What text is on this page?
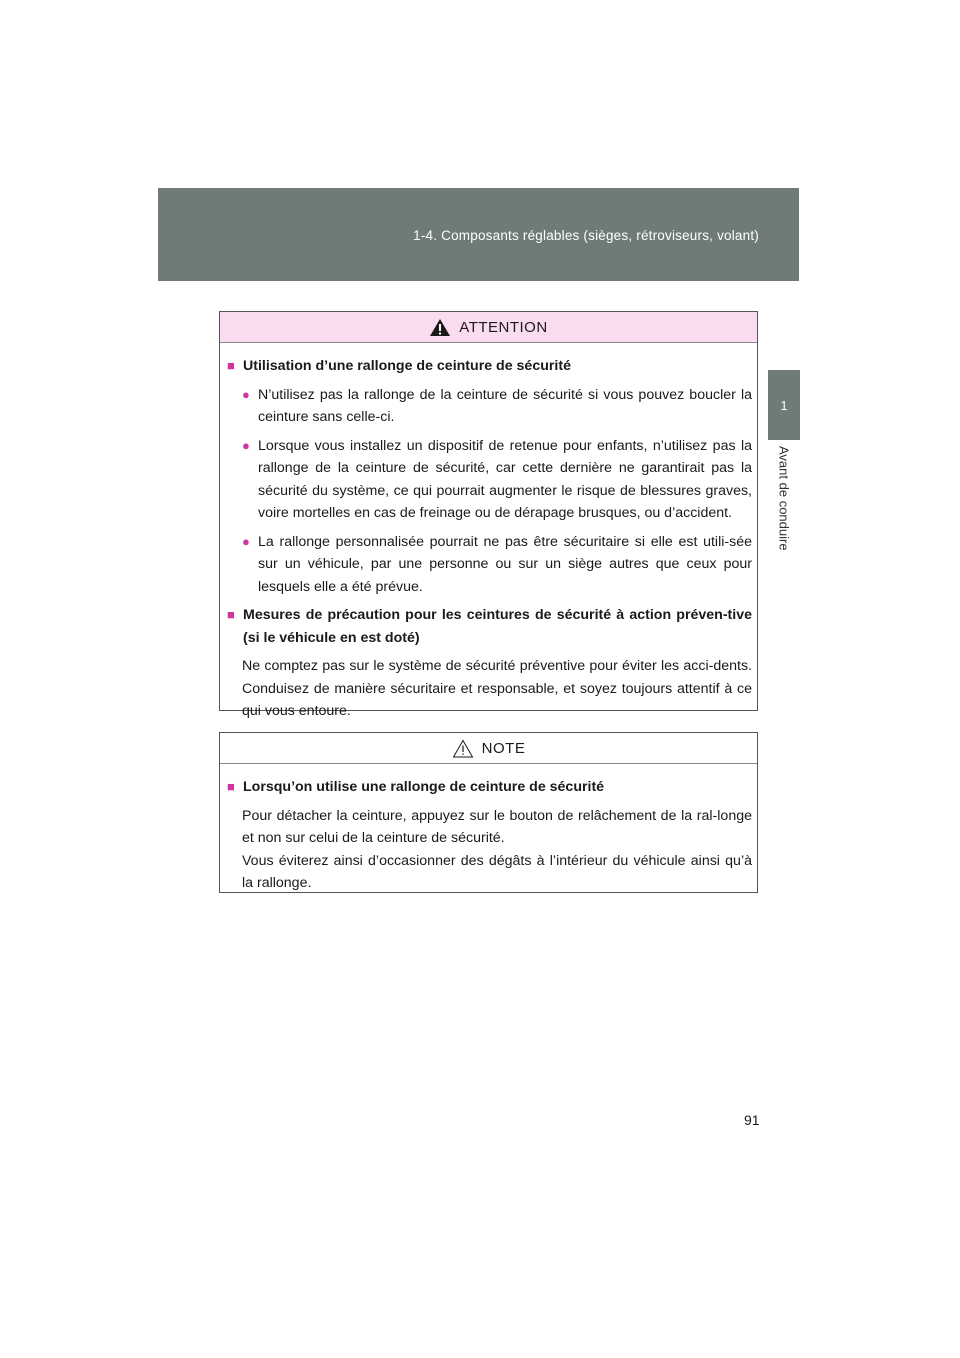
1-4. Composants réglables (sièges, rétroviseurs, volant)
1
Avant de conduire
ATTENTION
■ Utilisation d’une rallonge de ceinture de sécurité
● N’utilisez pas la rallonge de la ceinture de sécurité si vous pouvez boucler la ceinture sans celle-ci.
● Lorsque vous installez un dispositif de retenue pour enfants, n’utilisez pas la rallonge de la ceinture de sécurité, car cette dernière ne garantirait pas la sécurité du système, ce qui pourrait augmenter le risque de blessures graves, voire mortelles en cas de freinage ou de dérapage brusques, ou d’accident.
● La rallonge personnalisée pourrait ne pas être sécuritaire si elle est utili-sée sur un véhicule, par une personne ou sur un siège autres que ceux pour lesquels elle a été prévue.
■ Mesures de précaution pour les ceintures de sécurité à action préven-tive (si le véhicule en est doté)
Ne comptez pas sur le système de sécurité préventive pour éviter les acci-dents. Conduisez de manière sécuritaire et responsable, et soyez toujours attentif à ce qui vous entoure.
NOTE
■ Lorsqu’on utilise une rallonge de ceinture de sécurité
Pour détacher la ceinture, appuyez sur le bouton de relâchement de la ral-longe et non sur celui de la ceinture de sécurité.
Vous éviterez ainsi d’occasionner des dégâts à l’intérieur du véhicule ainsi qu’à la rallonge.
91
